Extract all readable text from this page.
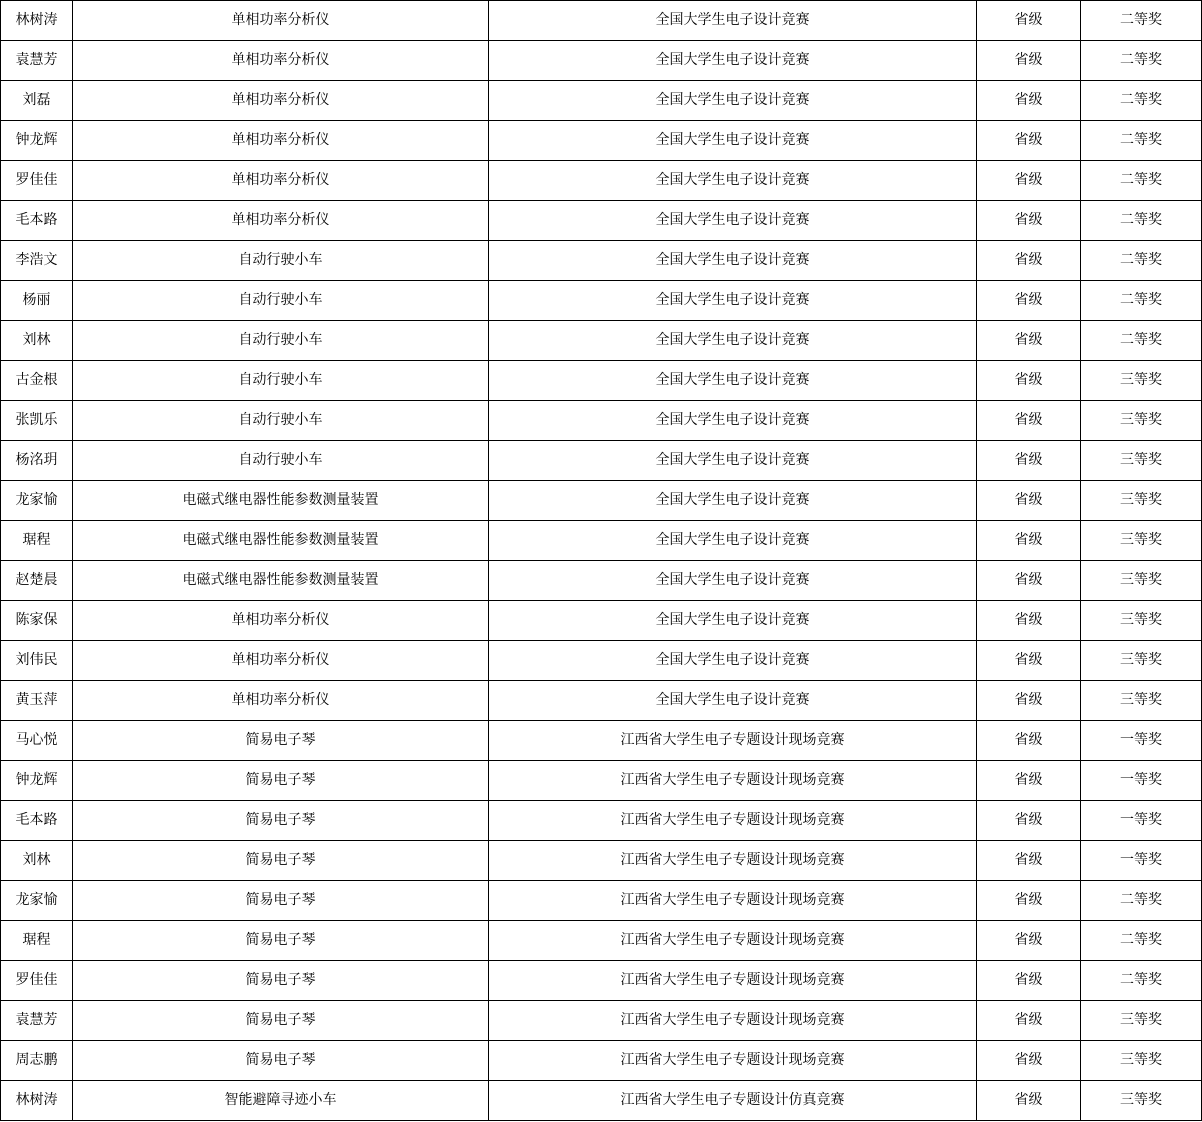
林树涛	单相功率分析仪	全国大学生电子设计竞赛	省级	二等奖
袁慧芳	单相功率分析仪	全国大学生电子设计竞赛	省级	二等奖
刘磊	单相功率分析仪	全国大学生电子设计竞赛	省级	二等奖
钟龙辉	单相功率分析仪	全国大学生电子设计竞赛	省级	二等奖
罗佳佳	单相功率分析仪	全国大学生电子设计竞赛	省级	二等奖
毛本路	单相功率分析仪	全国大学生电子设计竞赛	省级	二等奖
李浩文	自动行驶小车	全国大学生电子设计竞赛	省级	二等奖
杨丽	自动行驶小车	全国大学生电子设计竞赛	省级	二等奖
刘林	自动行驶小车	全国大学生电子设计竞赛	省级	二等奖
古金根	自动行驶小车	全国大学生电子设计竞赛	省级	三等奖
张凯乐	自动行驶小车	全国大学生电子设计竞赛	省级	三等奖
杨洺玥	自动行驶小车	全国大学生电子设计竞赛	省级	三等奖
龙家愉	电磁式继电器性能参数测量装置	全国大学生电子设计竞赛	省级	三等奖
琚程	电磁式继电器性能参数测量装置	全国大学生电子设计竞赛	省级	三等奖
赵楚晨	电磁式继电器性能参数测量装置	全国大学生电子设计竞赛	省级	三等奖
陈家保	单相功率分析仪	全国大学生电子设计竞赛	省级	三等奖
刘伟民	单相功率分析仪	全国大学生电子设计竞赛	省级	三等奖
黄玉萍	单相功率分析仪	全国大学生电子设计竞赛	省级	三等奖
马心悦	简易电子琴	江西省大学生电子专题设计现场竞赛	省级	一等奖
钟龙辉	简易电子琴	江西省大学生电子专题设计现场竞赛	省级	一等奖
毛本路	简易电子琴	江西省大学生电子专题设计现场竞赛	省级	一等奖
刘林	简易电子琴	江西省大学生电子专题设计现场竞赛	省级	一等奖
龙家愉	简易电子琴	江西省大学生电子专题设计现场竞赛	省级	二等奖
琚程	简易电子琴	江西省大学生电子专题设计现场竞赛	省级	二等奖
罗佳佳	简易电子琴	江西省大学生电子专题设计现场竞赛	省级	二等奖
袁慧芳	简易电子琴	江西省大学生电子专题设计现场竞赛	省级	三等奖
周志鹏	简易电子琴	江西省大学生电子专题设计现场竞赛	省级	三等奖
林树涛	智能避障寻迹小车	江西省大学生电子专题设计仿真竞赛	省级	三等奖
